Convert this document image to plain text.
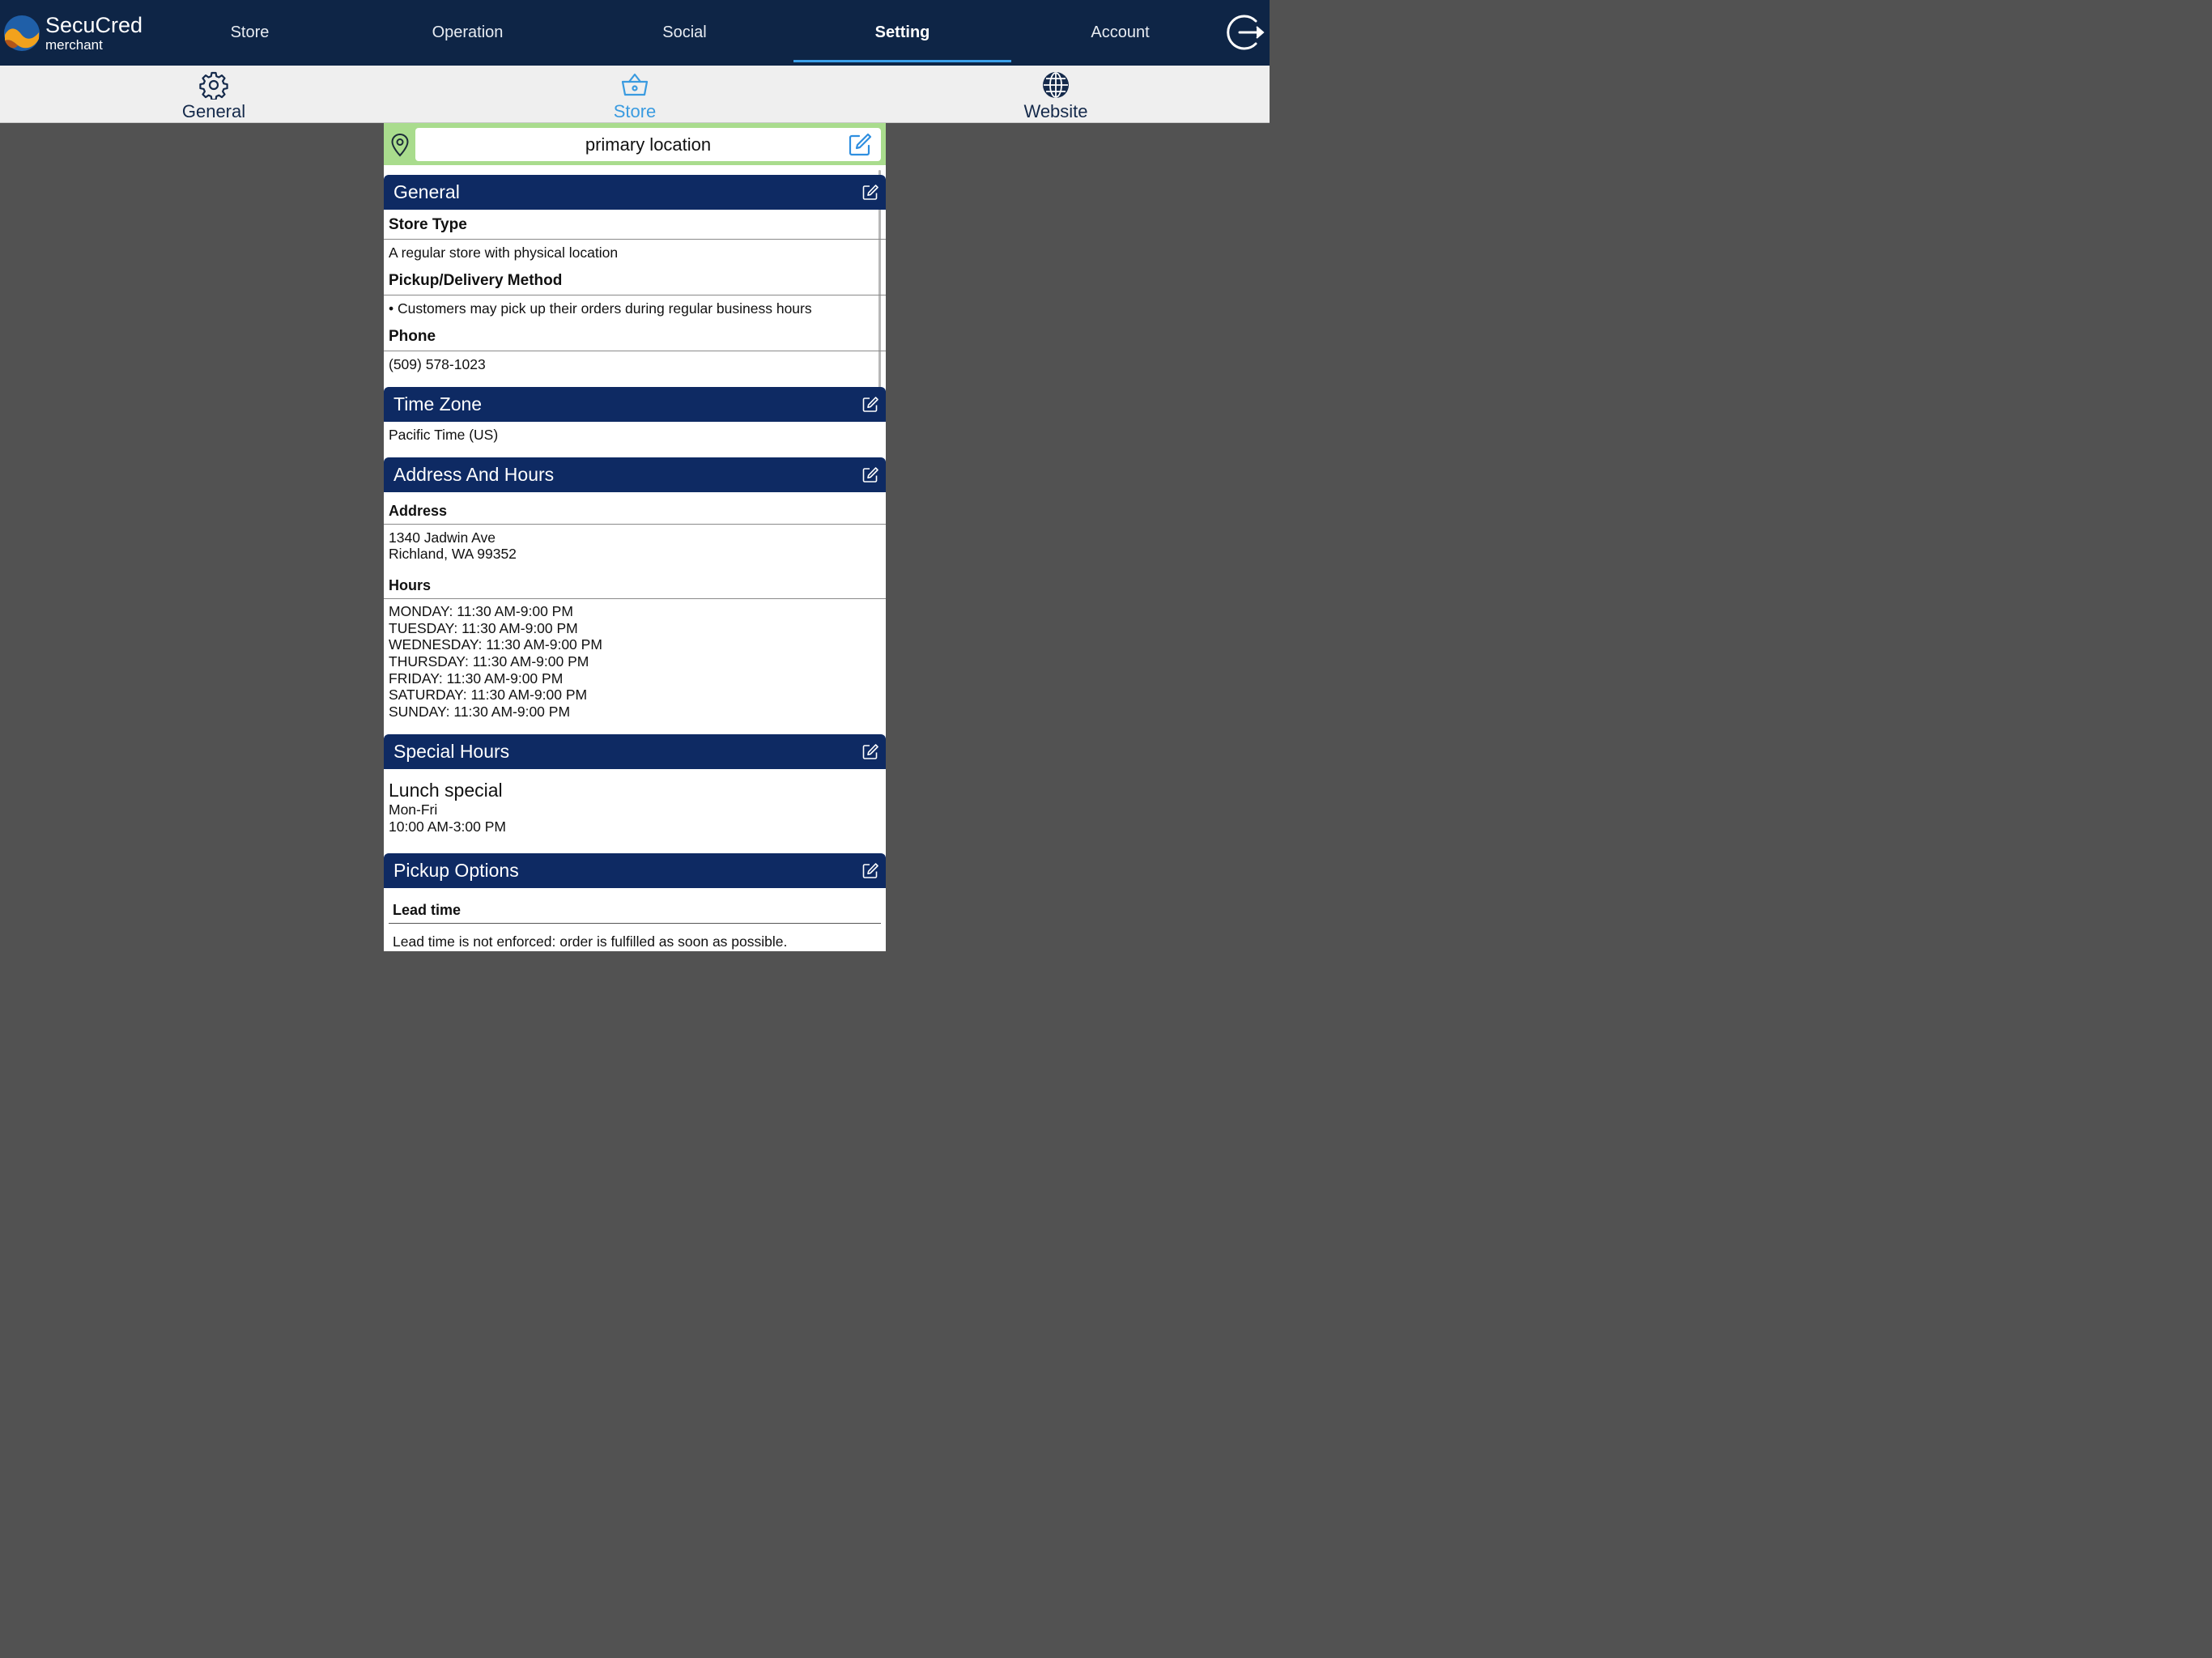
SecuCred
merchant
Store	Operation	Social	Setting	Account
General	Store	Website
primary location
General
Store Type
A regular store with physical location
Pickup/Delivery Method
• Customers may pick up their orders during regular business hours
Phone
(509) 578-1023
Time Zone
Pacific Time (US)
Address And Hours
Address
1340 Jadwin Ave
Richland, WA 99352
Hours
MONDAY: 11:30 AM-9:00 PM
TUESDAY: 11:30 AM-9:00 PM
WEDNESDAY: 11:30 AM-9:00 PM
THURSDAY: 11:30 AM-9:00 PM
FRIDAY: 11:30 AM-9:00 PM
SATURDAY: 11:30 AM-9:00 PM
SUNDAY: 11:30 AM-9:00 PM
Special Hours
Lunch special
Mon-Fri
10:00 AM-3:00 PM
Pickup Options
Lead time
Lead time is not enforced: order is fulfilled as soon as possible.
